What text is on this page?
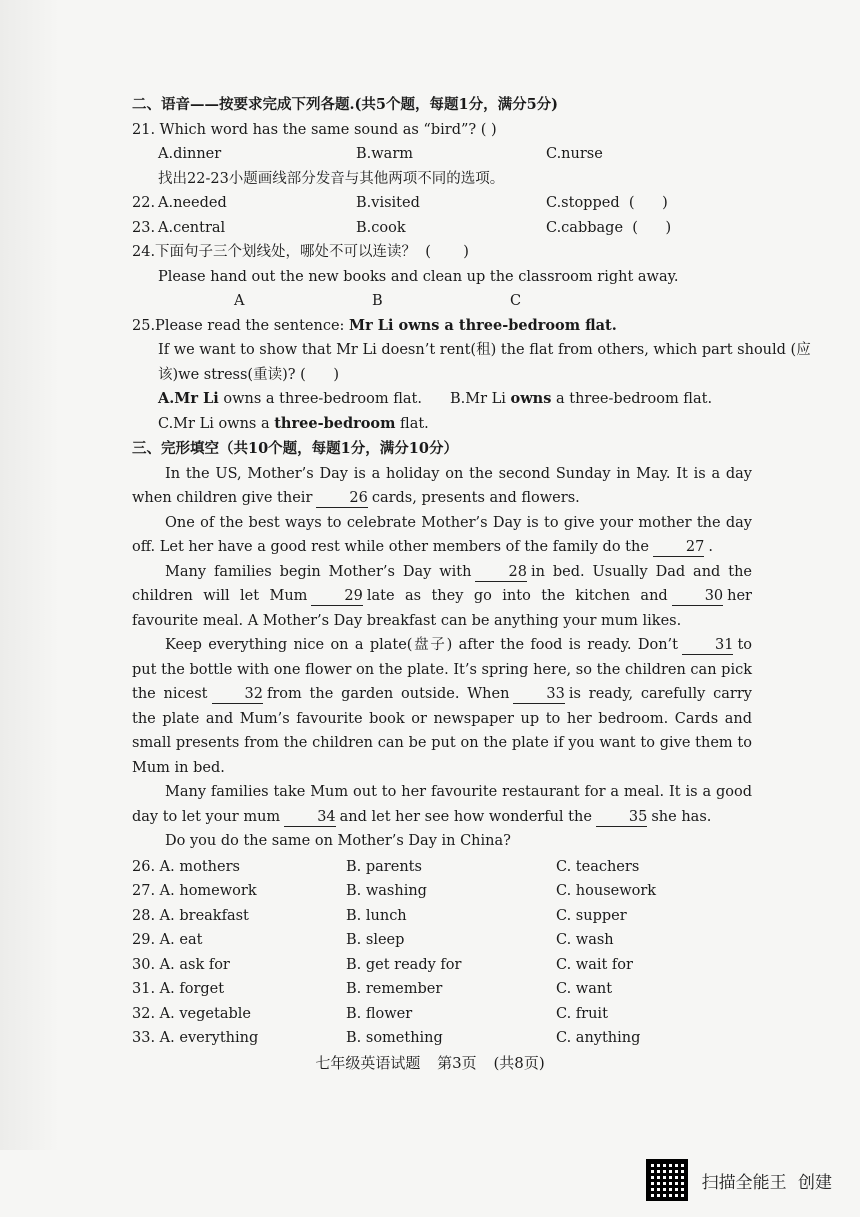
二、语音——按要求完成下列各题.(共5个题，每题1分，满分5分)
21. Which word has the same sound as “bird”? ( )
A.dinner	B.warm	C.nurse
找出22-23小题画线部分发音与其他两项不同的选项。
22. A.needed	B.visited	C.stopped  (      )
23. A.central	B.cook	C.cabbage  (      )
24.下面句子三个划线处，哪处不可以连读？  (       )
Please hand out the new books and clean up the classroom right away.
A	B	C
25.Please read the sentence: Mr Li owns a three-bedroom flat.
If we want to show that Mr Li doesn’t rent(租) the flat from others, which part should (应
该)we stress(重读)? (      )
A.Mr Li owns a three-bedroom flat.	B.Mr Li owns a three-bedroom flat.
C.Mr Li owns a three-bedroom flat.
三、完形填空（共10个题，每题1分，满分10分）
In the US, Mother’s Day is a holiday on the second Sunday in May. It is a day when children give their	26 cards, presents and flowers.
One of the best ways to celebrate Mother’s Day is to give your mother the day off. Let her have a good rest while other members of the family do the	27 .
Many families begin Mother’s Day with	28 in bed. Usually Dad and the children will let Mum	29 late as they go into the kitchen and	30 her favourite meal. A Mother’s Day breakfast can be anything your mum likes.
Keep everything nice on a plate(盘子) after the food is ready. Don’t	31 to put the bottle with one flower on the plate. It’s spring here, so the children can pick the nicest	32 from the garden outside. When	33 is ready, carefully carry the plate and Mum’s favourite book or newspaper up to her bedroom. Cards and small presents from the children can be put on the plate if you want to give them to Mum in bed.
Many families take Mum out to her favourite restaurant for a meal. It is a good day to let your mum	34 and let her see how wonderful the	35 she has.
Do you do the same on Mother’s Day in China?
26. A. mothers	B. parents	C. teachers
27. A. homework	B. washing	C. housework
28. A. breakfast	B. lunch	C. supper
29. A. eat	B. sleep	C. wash
30. A. ask for	B. get ready for	C. wait for
31. A. forget	B. remember	C. want
32. A. vegetable	B. flower	C. fruit
33. A. everything	B. something	C. anything
七年级英语试题 第3页 (共8页)
扫描全能王 创建
